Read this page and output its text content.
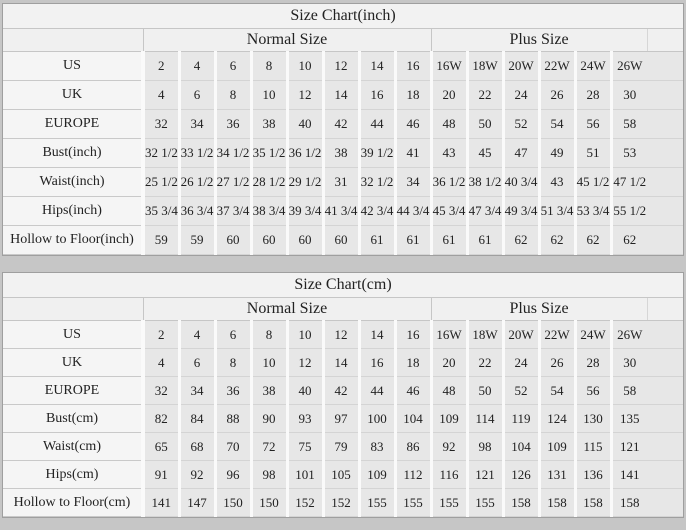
Size Chart(inch)															
	Normal Size								Plus Size						
US	2	4	6	8	10	12	14	16	16W	18W	20W	22W	24W	26W	
UK	4	6	8	10	12	14	16	18	20	22	24	26	28	30	
EUROPE	32	34	36	38	40	42	44	46	48	50	52	54	56	58	
Bust(inch)	32 1/2	33 1/2	34 1/2	35 1/2	36 1/2	38	39 1/2	41	43	45	47	49	51	53	
Waist(inch)	25 1/2	26 1/2	27 1/2	28 1/2	29 1/2	31	32 1/2	34	36 1/2	38 1/2	40 3/4	43	45 1/2	47 1/2	
Hips(inch)	35 3/4	36 3/4	37 3/4	38 3/4	39 3/4	41 3/4	42 3/4	44 3/4	45 3/4	47 3/4	49 3/4	51 3/4	53 3/4	55 1/2	
Hollow to Floor(inch)	59	59	60	60	60	60	61	61	61	61	62	62	62	62	
Size Chart(cm)															
	Normal Size								Plus Size						
US	2	4	6	8	10	12	14	16	16W	18W	20W	22W	24W	26W	
UK	4	6	8	10	12	14	16	18	20	22	24	26	28	30	
EUROPE	32	34	36	38	40	42	44	46	48	50	52	54	56	58	
Bust(cm)	82	84	88	90	93	97	100	104	109	114	119	124	130	135	
Waist(cm)	65	68	70	72	75	79	83	86	92	98	104	109	115	121	
Hips(cm)	91	92	96	98	101	105	109	112	116	121	126	131	136	141	
Hollow to Floor(cm)	141	147	150	150	152	152	155	155	155	155	158	158	158	158	
